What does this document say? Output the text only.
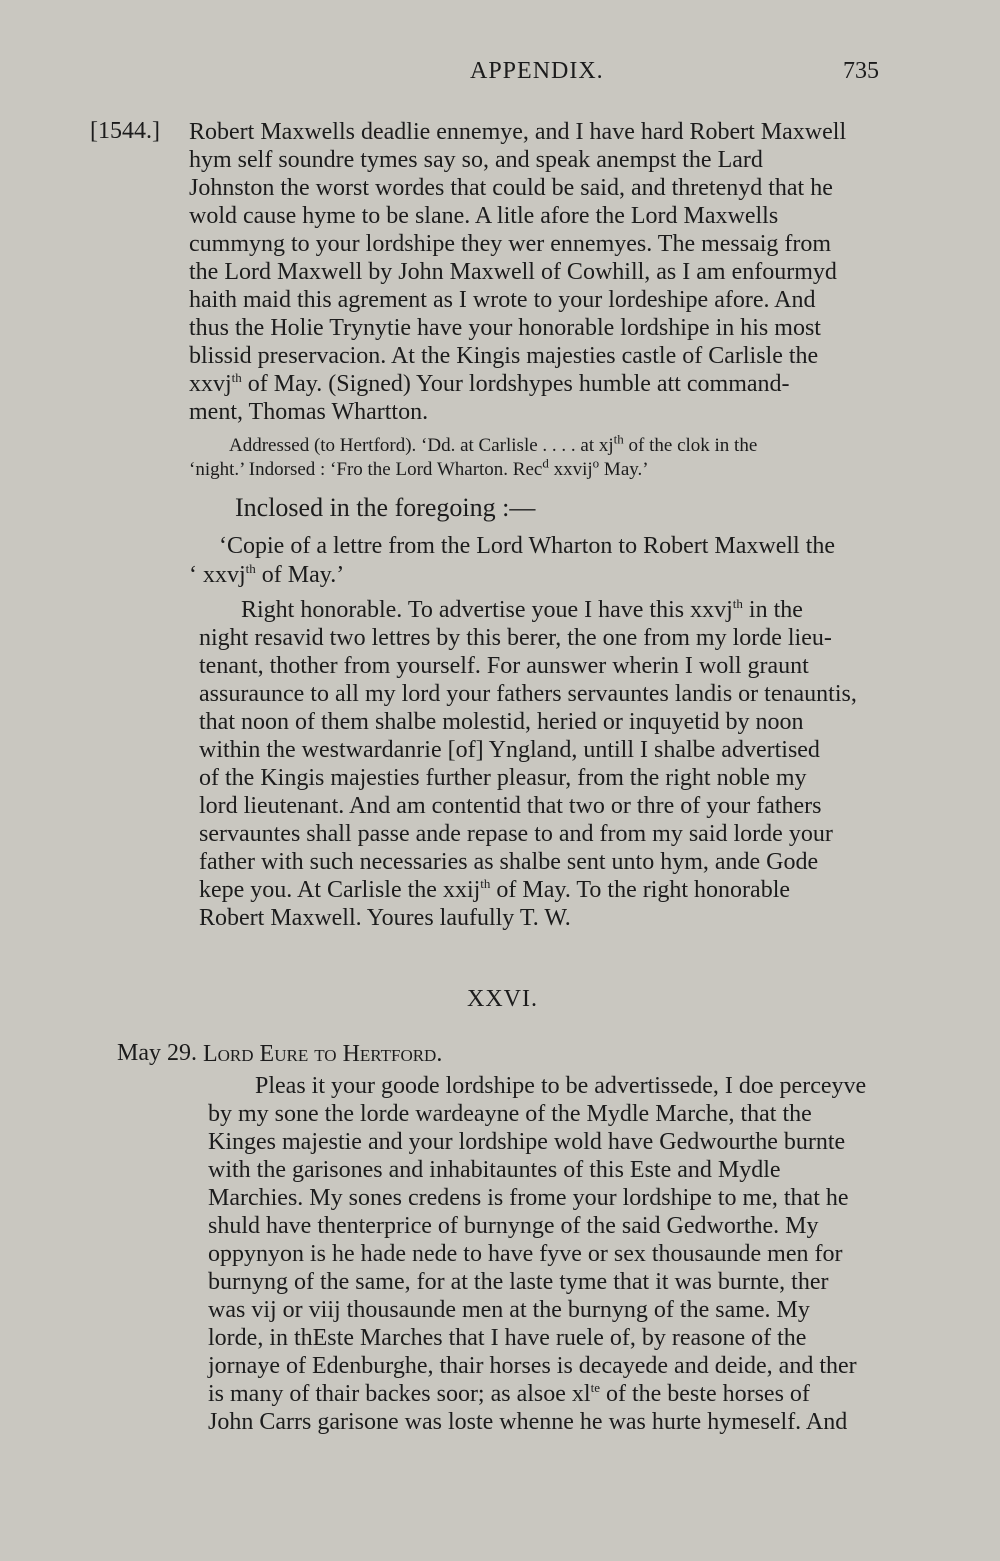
APPENDIX.	735
[1544.] Robert Maxwells deadlie ennemye, and I have hard Robert Maxwell
hym self soundre tymes say so, and speak anempst the Lard
Johnston the worst wordes that could be said, and thretenyd that he
wold cause hyme to be slane. A litle afore the Lord Maxwells
cummyng to your lordshipe they wer ennemyes. The messaig from
the Lord Maxwell by John Maxwell of Cowhill, as I am enfourmyd
haith maid this agrement as I wrote to your lordeshipe afore. And
thus the Holie Trynytie have your honorable lordshipe in his most
blissid preservacion. At the Kingis majesties castle of Carlisle the
xxvj$^{th}$ of May. (Signed) Your lordshypes humble att command-
ment, Thomas Whartton.
Addressed (to Hertford). ‘Dd. at Carlisle . . . . at $xj^{th}$ of the clok in the
‘night.’ Indorsed : ‘Fro the Lord Wharton. Rec$^d$ xxvij$^o$ May.’
Inclosed in the foregoing :—
‘Copie of a lettre from the Lord Wharton to Robert Maxwell the
‘ xxvj$^{th}$ of May.’
Right honorable. To advertise youe I have this xxvj$^{th}$ in the
night resavid two lettres by this berer, the one from my lorde lieu-
tenant, thother from yourself. For aunswer wherin I woll graunt
assuraunce to all my lord your fathers servauntes landis or tenauntis,
that noon of them shalbe molestid, heried or inquyetid by noon
within the westwardanrie [of] Yngland, untill I shalbe advertised
of the Kingis majesties further pleasur, from the right noble my
lord lieutenant. And am contentid that two or thre of your fathers
servauntes shall passe ande repase to and from my said lorde your
father with such necessaries as shalbe sent unto hym, ande Gode
kepe you. At Carlisle the xxij$^{th}$ of May. To the right honorable
Robert Maxwell. Youres laufully T. W.
XXVI.
May 29. Lord Eure to Hertford.
Pleas it your goode lordshipe to be advertissede, I doe perceyve
by my sone the lorde wardeayne of the Mydle Marche, that the
Kinges majestie and your lordshipe wold have Gedwourthe burnte
with the garisones and inhabitauntes of this Este and Mydle
Marchies. My sones credens is frome your lordshipe to me, that he
shuld have thenterprice of burnynge of the said Gedworthe. My
oppynyon is he hade nede to have fyve or sex thousaunde men for
burnyng of the same, for at the laste tyme that it was burnte, ther
was vij or viij thousaunde men at the burnyng of the same. My
lorde, in thEste Marches that I have ruele of, by reasone of the
jornaye of Edenburghe, thair horses is decayede and deide, and ther
is many of thair backes soor; as alsoe $xl^{te}$ of the beste horses of
John Carrs garisone was loste whenne he was hurte hymeself. And
